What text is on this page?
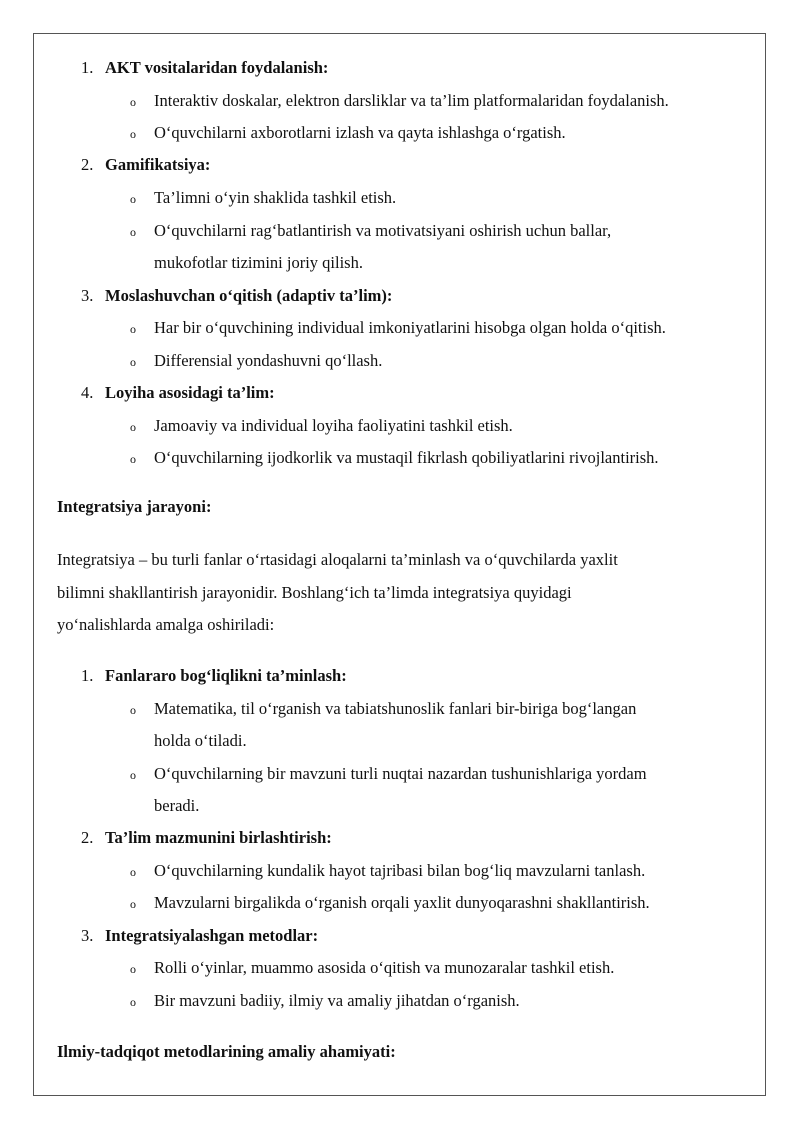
1. AKT vositalaridan foydalanish:
o Interaktiv doskalar, elektron darsliklar va ta’lim platformalaridan foydalanish.
o O‘quvchilarni axborotlarni izlash va qayta ishlashga o‘rgatish.
2. Gamifikatsiya:
o Ta’limni o‘yin shaklida tashkil etish.
o O‘quvchilarni rag‘batlantirish va motivatsiyani oshirish uchun ballar,
mukofotlar tizimini joriy qilish.
3. Moslashuvchan o‘qitish (adaptiv ta’lim):
o Har bir o‘quvchining individual imkoniyatlarini hisobga olgan holda o‘qitish.
o Differensial yondashuvni qo‘llash.
4. Loyiha asosidagi ta’lim:
o Jamoaviy va individual loyiha faoliyatini tashkil etish.
o O‘quvchilarning ijodkorlik va mustaqil fikrlash qobiliyatlarini rivojlantirish.
Integratsiya jarayoni:
Integratsiya – bu turli fanlar o‘rtasidagi aloqalarni ta’minlash va o‘quvchilarda yaxlit
bilimni shakllantirish jarayonidir. Boshlang‘ich ta’limda integratsiya quyidagi
yo‘nalishlarda amalga oshiriladi:
1. Fanlararo bog‘liqlikni ta’minlash:
o Matematika, til o‘rganish va tabiatshunoslik fanlari bir-biriga bog‘langan
holda o‘tiladi.
o O‘quvchilarning bir mavzuni turli nuqtai nazardan tushunishlariga yordam
beradi.
2. Ta’lim mazmunini birlashtirish:
o O‘quvchilarning kundalik hayot tajribasi bilan bog‘liq mavzularni tanlash.
o Mavzularni birgalikda o‘rganish orqali yaxlit dunyoqarashni shakllantirish.
3. Integratsiyalashgan metodlar:
o Rolli o‘yinlar, muammo asosida o‘qitish va munozaralar tashkil etish.
o Bir mavzuni badiiy, ilmiy va amaliy jihatdan o‘rganish.
Ilmiy-tadqiqot metodlarining amaliy ahamiyati:
